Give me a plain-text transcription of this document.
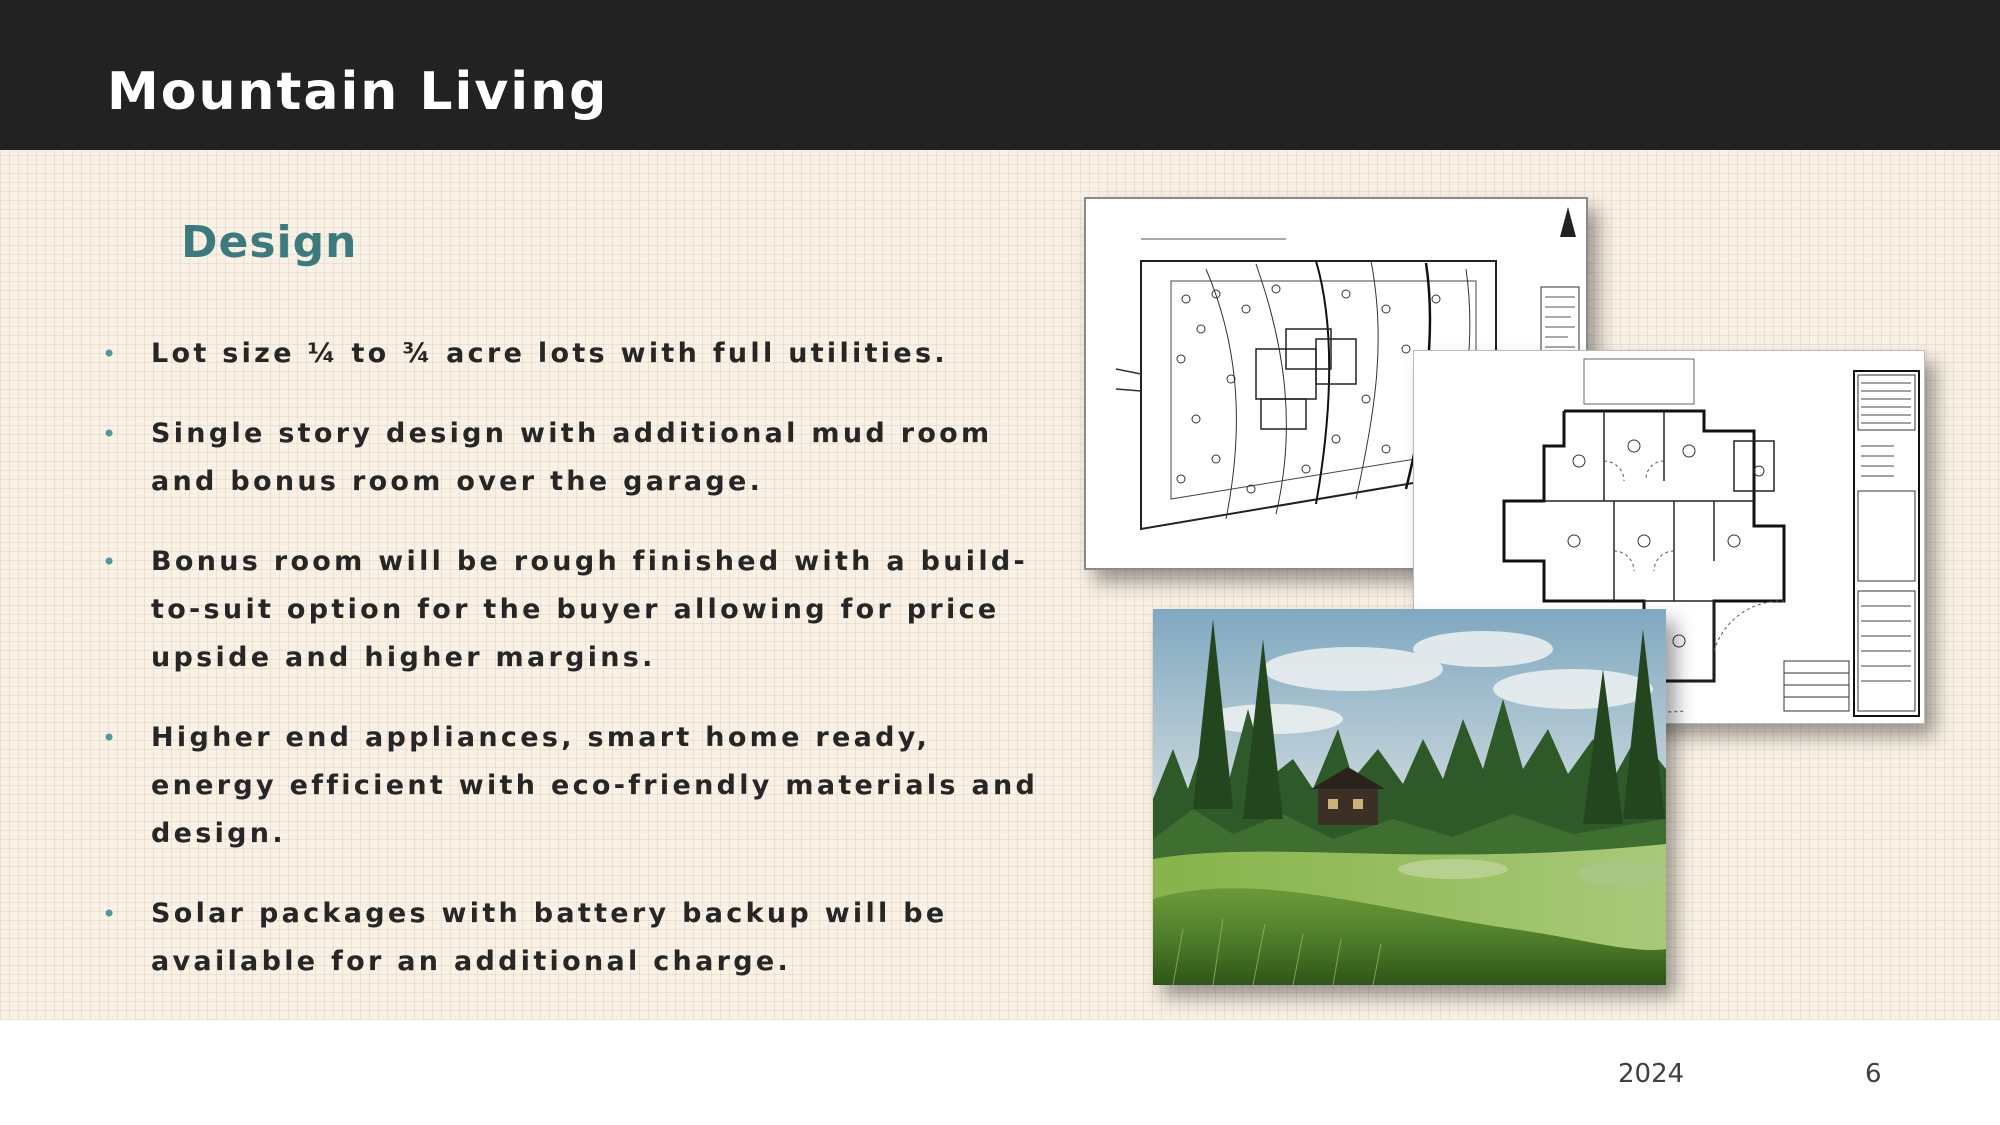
Mountain Living
Design
• Lot size ¼ to ¾ acre lots with full utilities.
• Single story design with additional mud room and bonus room over the garage.
• Bonus room will be rough finished with a build-to-suit option for the buyer allowing for price upside and higher margins.
• Higher end appliances, smart home ready, energy efficient with eco-friendly materials and design.
• Solar packages with battery backup will be available for an additional charge.
2024	6
